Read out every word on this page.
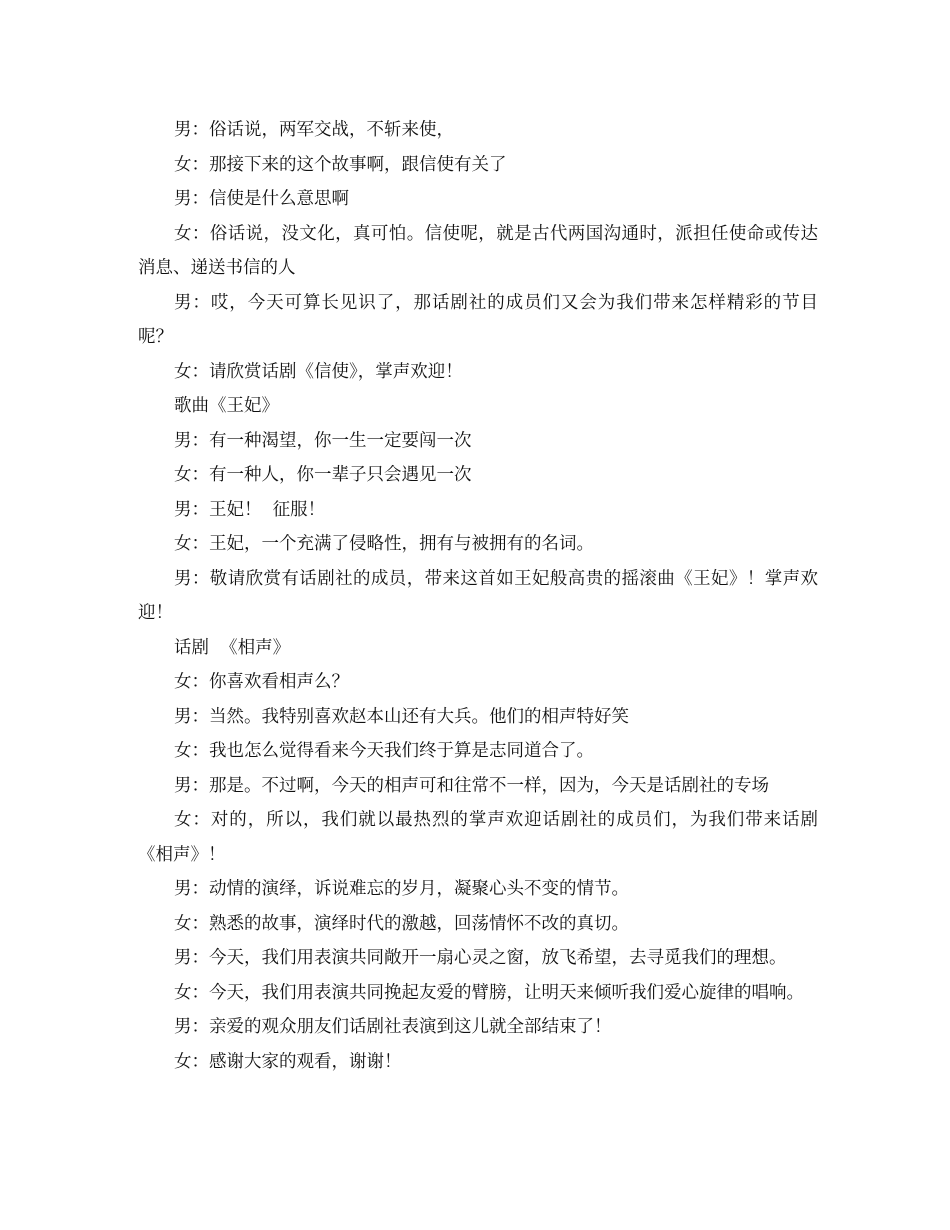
男：俗话说，两军交战，不斩来使，

女：那接下来的这个故事啊，跟信使有关了

男：信使是什么意思啊

女：俗话说，没文化，真可怕。信使呢，就是古代两国沟通时，派担任使命或传达消息、递送书信的人

男：哎，今天可算长见识了，那话剧社的成员们又会为我们带来怎样精彩的节目呢？

女：请欣赏话剧《信使》，掌声欢迎！

歌曲《王妃》

男：有一种渴望，你一生一定要闯一次

女：有一种人，你一辈子只会遇见一次

男：王妃！  征服！

女：王妃，一个充满了侵略性，拥有与被拥有的名词。

男：敬请欣赏有话剧社的成员，带来这首如王妃般高贵的摇滚曲《王妃》！掌声欢迎！

话剧  《相声》

女：你喜欢看相声么？

男：当然。我特别喜欢赵本山还有大兵。他们的相声特好笑

女：我也怎么觉得看来今天我们终于算是志同道合了。

男：那是。不过啊，今天的相声可和往常不一样，因为，今天是话剧社的专场

女：对的，所以，我们就以最热烈的掌声欢迎话剧社的成员们，为我们带来话剧《相声》！

男：动情的演绎，诉说难忘的岁月，凝聚心头不变的情节。

女：熟悉的故事，演绎时代的激越，回荡情怀不改的真切。

男：今天，我们用表演共同敞开一扇心灵之窗，放飞希望，去寻觅我们的理想。

女：今天，我们用表演共同挽起友爱的臂膀，让明天来倾听我们爱心旋律的唱响。

男：亲爱的观众朋友们话剧社表演到这儿就全部结束了！

女：感谢大家的观看，谢谢！
